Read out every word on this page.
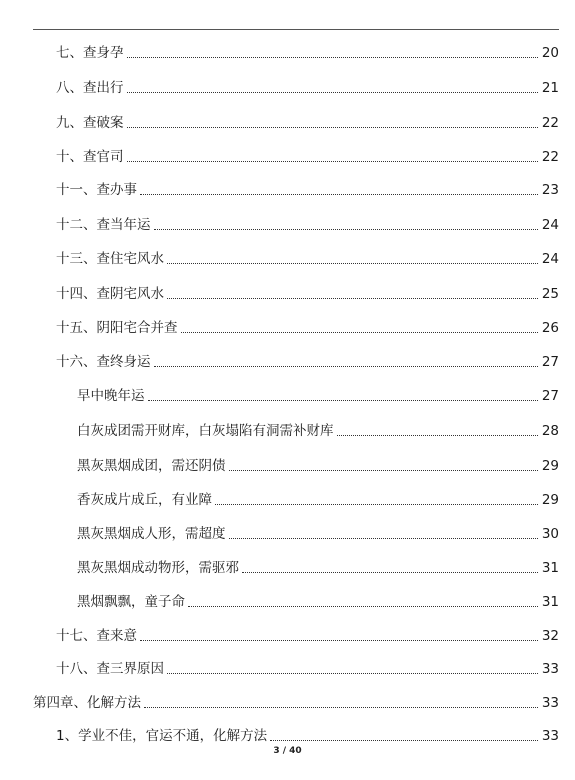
七、查身孕	20
八、查出行	21
九、查破案	22
十、查官司	22
十一、查办事	23
十二、查当年运	24
十三、查住宅风水	24
十四、查阴宅风水	25
十五、阴阳宅合并查	26
十六、查终身运	27
早中晚年运	27
白灰成团需开财库，白灰塌陷有洞需补财库	28
黑灰黑烟成团，需还阴债	29
香灰成片成丘，有业障	29
黑灰黑烟成人形，需超度	30
黑灰黑烟成动物形，需驱邪	31
黑烟飘飘，童子命	31
十七、查来意	32
十八、查三界原因	33
第四章、化解方法	33
1、学业不佳，官运不通，化解方法	33
3 / 40
